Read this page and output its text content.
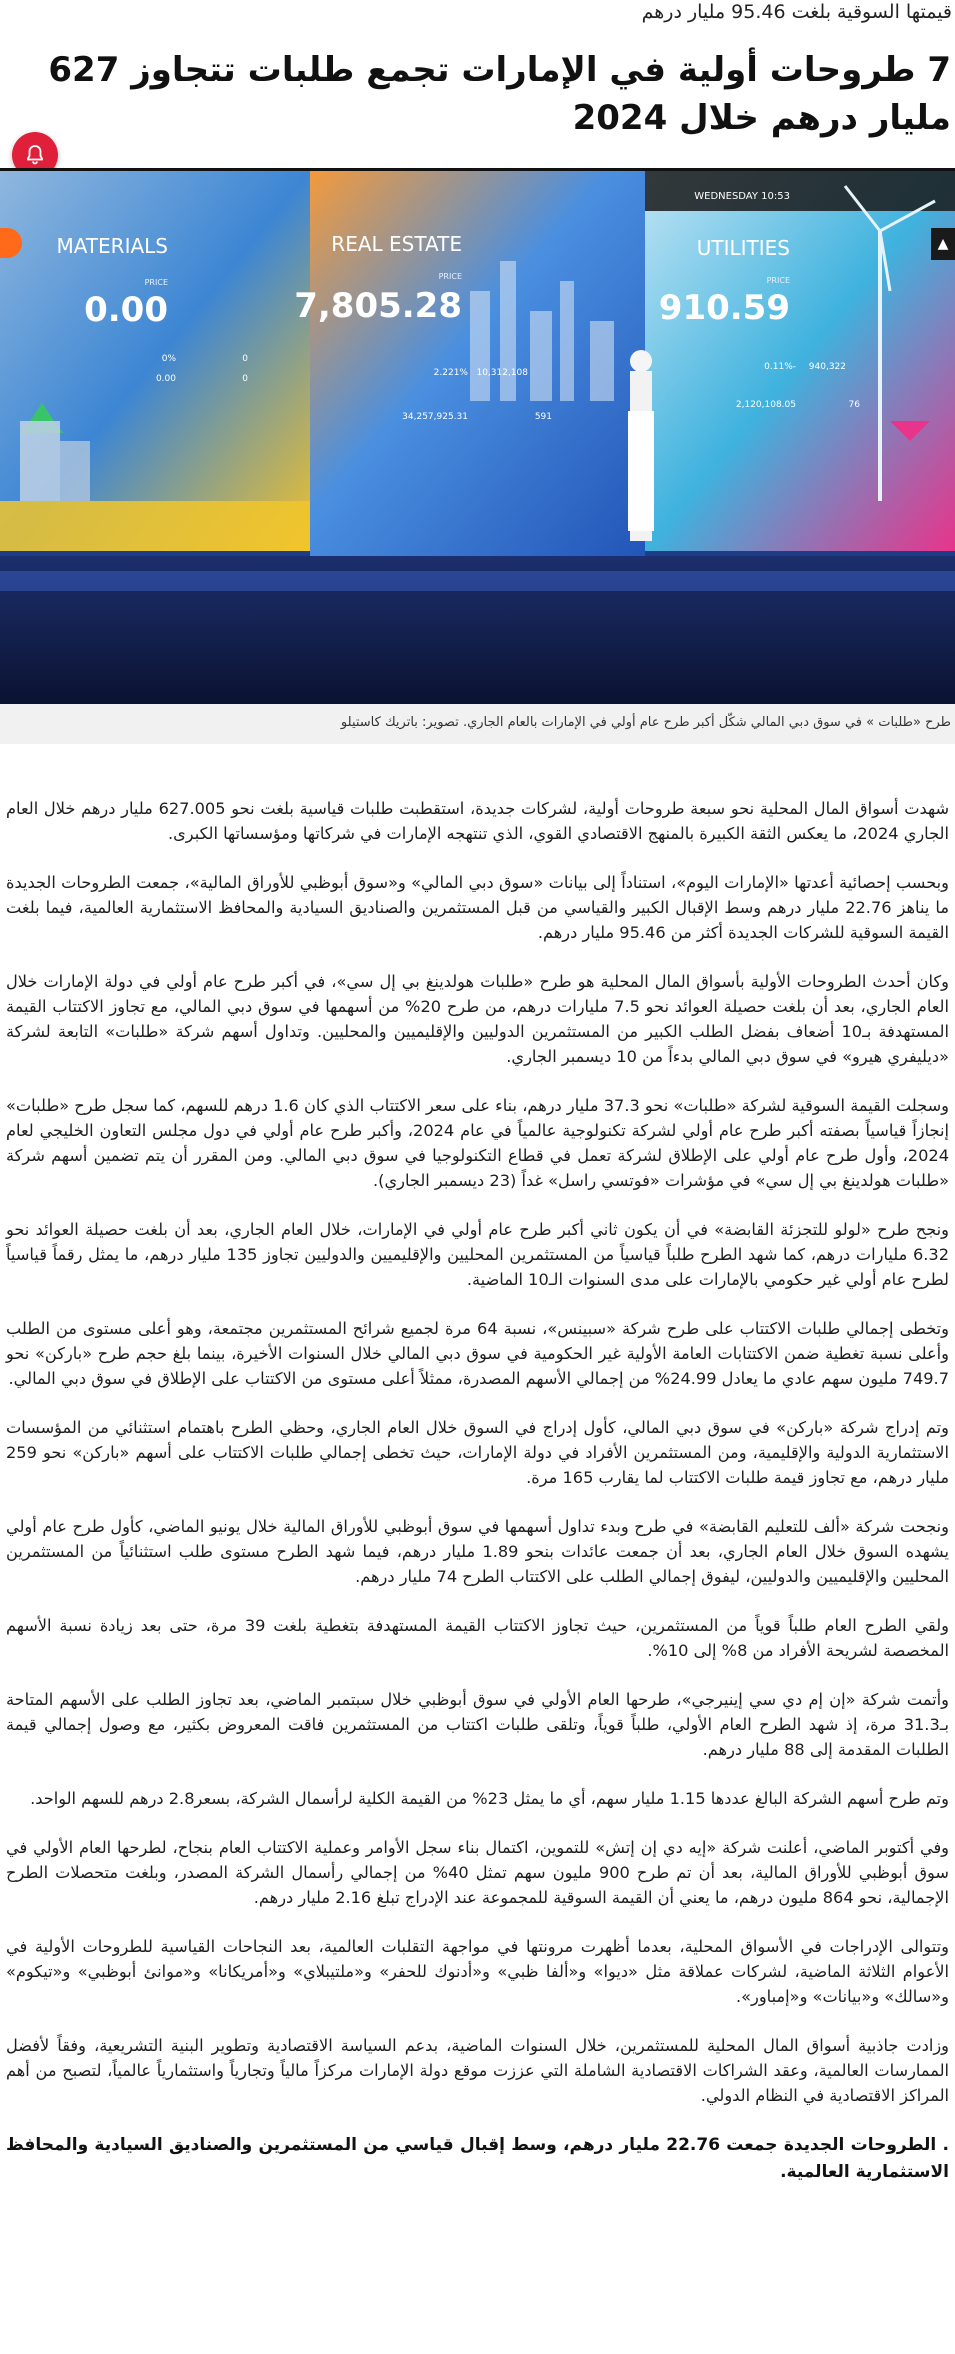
قيمتها السوقية بلغت 95.46 مليار درهم
7 طروحات أولية في الإمارات تجمع طلبات تتجاوز 627 مليار درهم خلال 2024
▲
MATERIALS
PRICE
0.00
0%	0
0.00	0
REAL ESTATE
PRICE
7,805.28
2.221% 10,312,108
34,257,925.31	591
10:53 WEDNESDAY
UTILITIES
PRICE
910.59
-0.11% 940,322
2,120,108.05	76

طرح «طلبات » في سوق دبي المالي شكّل أكبر طرح عام أولي في الإمارات بالعام الجاري. تصوير: باتريك كاستيلو

شهدت أسواق المال المحلية نحو سبعة طروحات أولية، لشركات جديدة، استقطبت طلبات قياسية بلغت نحو 627.005 مليار درهم خلال العام الجاري 2024، ما يعكس الثقة الكبيرة بالمنهج الاقتصادي القوي، الذي تنتهجه الإمارات في شركاتها ومؤسساتها الكبرى.

وبحسب إحصائية أعدتها «الإمارات اليوم»، استناداً إلى بيانات «سوق دبي المالي» و«سوق أبوظبي للأوراق المالية»، جمعت الطروحات الجديدة ما يناهز 22.76 مليار درهم وسط الإقبال الكبير والقياسي من قبل المستثمرين والصناديق السيادية والمحافظ الاستثمارية العالمية، فيما بلغت القيمة السوقية للشركات الجديدة أكثر من 95.46 مليار درهم.

وكان أحدث الطروحات الأولية بأسواق المال المحلية هو طرح «طلبات هولدينغ بي إل سي»، في أكبر طرح عام أولي في دولة الإمارات خلال العام الجاري، بعد أن بلغت حصيلة العوائد نحو 7.5 مليارات درهم، من طرح 20% من أسهمها في سوق دبي المالي، مع تجاوز الاكتتاب القيمة المستهدفة بـ10 أضعاف بفضل الطلب الكبير من المستثمرين الدوليين والإقليميين والمحليين. وتداول أسهم شركة «طلبات» التابعة لشركة «ديليفري هيرو» في سوق دبي المالي بدءاً من 10 ديسمبر الجاري.

وسجلت القيمة السوقية لشركة «طلبات» نحو 37.3 مليار درهم، بناء على سعر الاكتتاب الذي كان 1.6 درهم للسهم، كما سجل طرح «طلبات» إنجازاً قياسياً بصفته أكبر طرح عام أولي لشركة تكنولوجية عالمياً في عام 2024، وأكبر طرح عام أولي في دول مجلس التعاون الخليجي لعام 2024، وأول طرح عام أولي على الإطلاق لشركة تعمل في قطاع التكنولوجيا في سوق دبي المالي. ومن المقرر أن يتم تضمين أسهم شركة «طلبات هولدينغ بي إل سي» في مؤشرات «فوتسي راسل» غداً (23 ديسمبر الجاري).

ونجح طرح «لولو للتجزئة القابضة» في أن يكون ثاني أكبر طرح عام أولي في الإمارات، خلال العام الجاري، بعد أن بلغت حصيلة العوائد نحو 6.32 مليارات درهم، كما شهد الطرح طلباً قياسياً من المستثمرين المحليين والإقليميين والدوليين تجاوز 135 مليار درهم، ما يمثل رقماً قياسياً لطرح عام أولي غير حكومي بالإمارات على مدى السنوات الـ10 الماضية.

وتخطى إجمالي طلبات الاكتتاب على طرح شركة «سبينس»، نسبة 64 مرة لجميع شرائح المستثمرين مجتمعة، وهو أعلى مستوى من الطلب وأعلى نسبة تغطية ضمن الاكتتابات العامة الأولية غير الحكومية في سوق دبي المالي خلال السنوات الأخيرة، بينما بلغ حجم طرح «باركن» نحو 749.7 مليون سهم عادي ما يعادل 24.99% من إجمالي الأسهم المصدرة، ممثلاً أعلى مستوى من الاكتتاب على الإطلاق في سوق دبي المالي.

وتم إدراج شركة «باركن» في سوق دبي المالي، كأول إدراج في السوق خلال العام الجاري، وحظي الطرح باهتمام استثنائي من المؤسسات الاستثمارية الدولية والإقليمية، ومن المستثمرين الأفراد في دولة الإمارات، حيث تخطى إجمالي طلبات الاكتتاب على أسهم «باركن» نحو 259 مليار درهم، مع تجاوز قيمة طلبات الاكتتاب لما يقارب 165 مرة.

ونجحت شركة «ألف للتعليم القابضة» في طرح وبدء تداول أسهمها في سوق أبوظبي للأوراق المالية خلال يونيو الماضي، كأول طرح عام أولي يشهده السوق خلال العام الجاري، بعد أن جمعت عائدات بنحو 1.89 مليار درهم، فيما شهد الطرح مستوى طلب استثنائياً من المستثمرين المحليين والإقليميين والدوليين، ليفوق إجمالي الطلب على الاكتتاب الطرح 74 مليار درهم.

ولقي الطرح العام طلباً قوياً من المستثمرين، حيث تجاوز الاكتتاب القيمة المستهدفة بتغطية بلغت 39 مرة، حتى بعد زيادة نسبة الأسهم المخصصة لشريحة الأفراد من 8% إلى 10%.

وأتمت شركة «إن إم دي سي إينيرجي»، طرحها العام الأولي في سوق أبوظبي خلال سبتمبر الماضي، بعد تجاوز الطلب على الأسهم المتاحة بـ31.3 مرة، إذ شهد الطرح العام الأولي، طلباً قوياً، وتلقى طلبات اكتتاب من المستثمرين فاقت المعروض بكثير، مع وصول إجمالي قيمة الطلبات المقدمة إلى 88 مليار درهم.

وتم طرح أسهم الشركة البالغ عددها 1.15 مليار سهم، أي ما يمثل 23% من القيمة الكلية لرأسمال الشركة، بسعر2.8 درهم للسهم الواحد.

وفي أكتوبر الماضي، أعلنت شركة «إيه دي إن إتش» للتموين، اكتمال بناء سجل الأوامر وعملية الاكتتاب العام بنجاح، لطرحها العام الأولي في سوق أبوظبي للأوراق المالية، بعد أن تم طرح 900 مليون سهم تمثل 40% من إجمالي رأسمال الشركة المصدر، وبلغت متحصلات الطرح الإجمالية، نحو 864 مليون درهم، ما يعني أن القيمة السوقية للمجموعة عند الإدراج تبلغ 2.16 مليار درهم.

وتتوالى الإدراجات في الأسواق المحلية، بعدما أظهرت مرونتها في مواجهة التقلبات العالمية، بعد النجاحات القياسية للطروحات الأولية في الأعوام الثلاثة الماضية، لشركات عملاقة مثل «ديوا» و«ألفا ظبي» و«أدنوك للحفر» و«ملتيبلاي» و«أمريكانا» و«موانئ أبوظبي» و«تيكوم» و«سالك» و«بيانات» و«إمباور».

وزادت جاذبية أسواق المال المحلية للمستثمرين، خلال السنوات الماضية، بدعم السياسة الاقتصادية وتطوير البنية التشريعية، وفقاً لأفضل الممارسات العالمية، وعقد الشراكات الاقتصادية الشاملة التي عززت موقع دولة الإمارات مركزاً مالياً وتجارياً واستثمارياً عالمياً، لتصبح من أهم المراكز الاقتصادية في النظام الدولي.

. الطروحات الجديدة جمعت 22.76 مليار درهم، وسط إقبال قياسي من المستثمرين والصناديق السيادية والمحافظ الاستثمارية العالمية.
